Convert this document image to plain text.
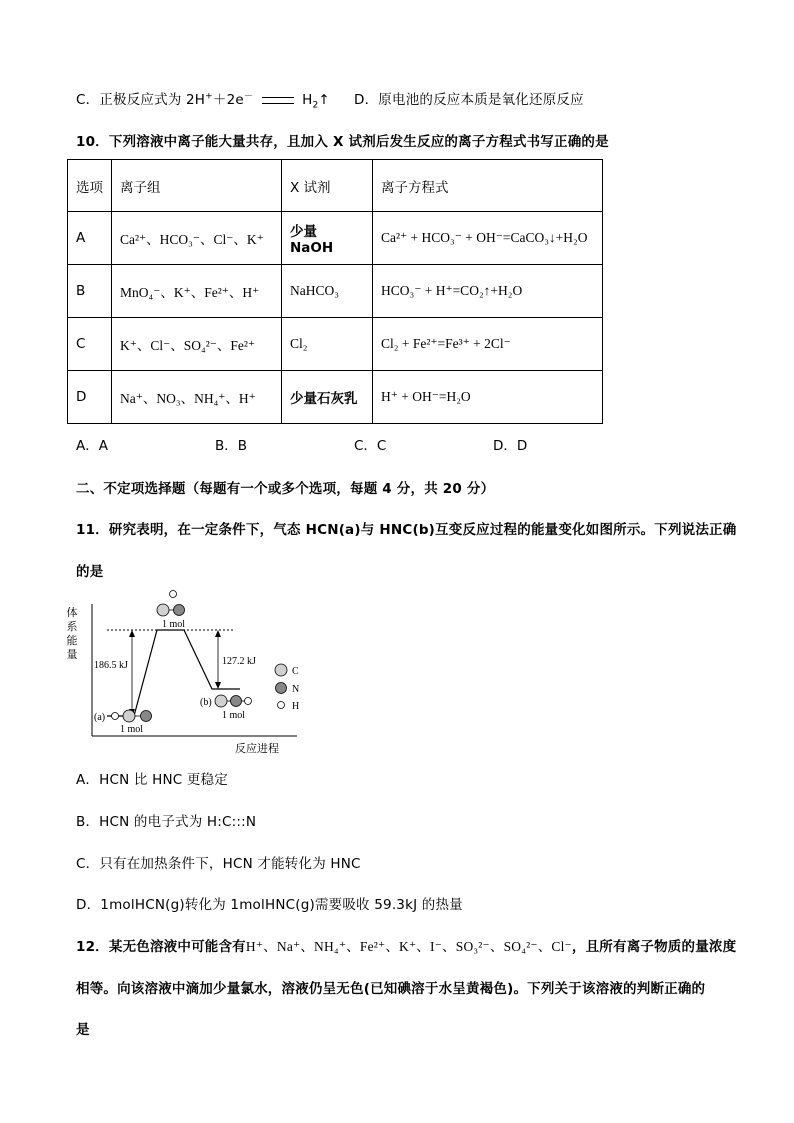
C．正极反应式为 2H+＋2e－	$H_2↑$ D．原电池的反应本质是氧化还原反应
10．下列溶液中离子能大量共存，且加入 X 试剂后发生反应的离子方程式书写正确的是
选项	离子组	X 试剂	离子方程式
A	Ca²⁺、HCO₃⁻、Cl⁻、K⁺	少量 NaOH	Ca²⁺ + HCO₃⁻ + OH⁻=CaCO₃↓+H₂O
B	MnO₄⁻、K⁺、Fe²⁺、H⁺	NaHCO₃	HCO₃⁻ + H⁺=CO₂↑+H₂O
C	K⁺、Cl⁻、SO₄²⁻、Fe²⁺	Cl₂	Cl₂ + Fe²⁺=Fe³⁺ + 2Cl⁻
D	Na⁺、NO₃、NH₄⁺、H⁺	少量石灰乳	H⁺ + OH⁻=H₂O
A．A	B．B	C．C	D．D
二、不定项选择题（每题有一个或多个选项，每题 4 分，共 20 分）
11．研究表明，在一定条件下，气态 HCN(a)与 HNC(b)互变反应过程的能量变化如图所示。下列说法正确
的是
体
系
能
量
反应进程
186.5 kJ	127.2 kJ
1 mol
(a)
1 mol
(b)
1 mol
C
N
H
A．HCN 比 HNC 更稳定
B．HCN 的电子式为 H:C:::N
C．只有在加热条件下，HCN 才能转化为 HNC
D．1molHCN(g)转化为 1molHNC(g)需要吸收 59.3kJ 的热量
12．某无色溶液中可能含有H⁺、Na⁺、NH₄⁺、Fe²⁺、K⁺、I⁻、SO₃²⁻、SO₄²⁻、Cl⁻，且所有离子物质的量浓度
相等。向该溶液中滴加少量氯水，溶液仍呈无色(已知碘溶于水呈黄褐色)。下列关于该溶液的判断正确的
是
